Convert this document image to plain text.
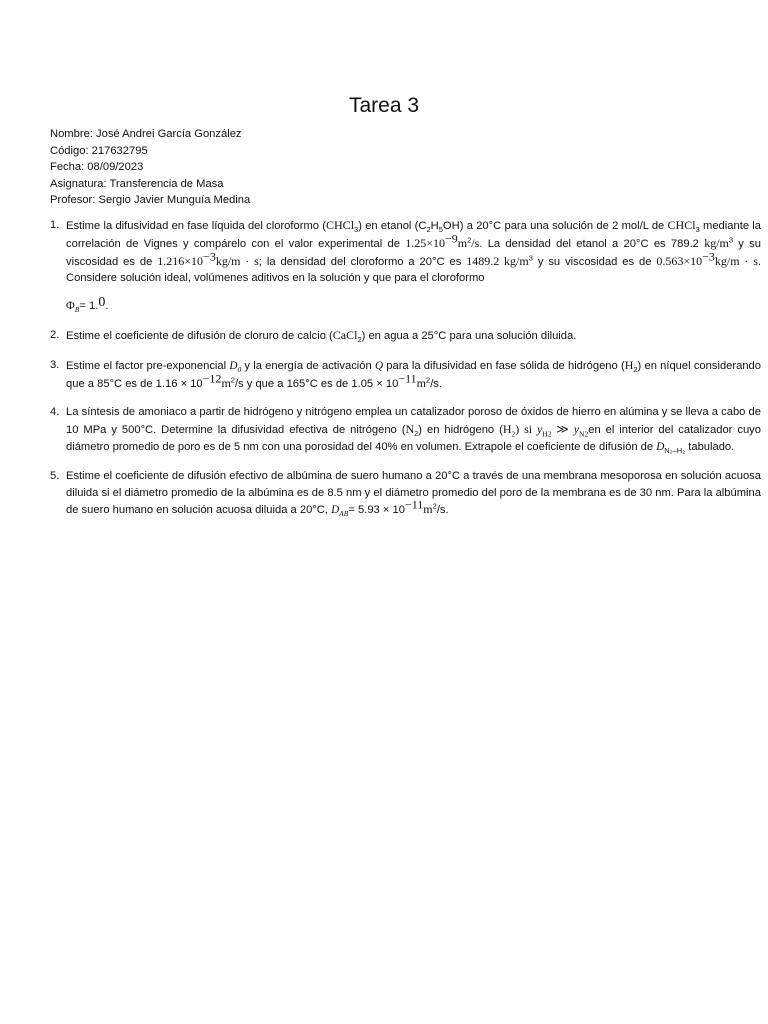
Tarea 3
Nombre: José Andrei García González
Código: 217632795
Fecha: 08/09/2023
Asignatura: Transferencia de Masa
Profesor: Sergio Javier Munguía Medina
1. Estime la difusividad en fase líquida del cloroformo (CHCl$_3$) en etanol $(C_2H_5OH)$ a 20°C para una solución de 2 mol/L de CHCl$_3$ mediante la correlación de Vignes y compárelo con el valor experimental de $1.25\times 10^{-9}m^2/s$. La densidad del etanol a 20°C es 789.2 $kg/m^3$ y su viscosidad es de $1.216\times 10^{-3}kg/m \cdot s$; la densidad del cloroformo a 20°C es 1489.2 $kg/m^3$ y su viscosidad es de $0.563\times 10^{-3}kg/m \cdot s$. Considere solución ideal, volúmenes aditivos en la solución y que para el cloroformo
$\Phi_B= 1.0$.
2. Estime el coeficiente de difusión de cloruro de calcio (CaCl$_2$) en agua a 25°C para una solución diluida.
3. Estime el factor pre-exponencial $D_0$ y la energía de activación Q para la difusividad en fase sólida de hidrógeno $(H_2)$ en níquel considerando que a 85°C es de $1.16 \times 10^{-12}m^2/s$ y que a 165°C es de $1.05 \times 10^{-11}m^2/s$.
4. La síntesis de amoniaco a partir de hidrógeno y nitrógeno emplea un catalizador poroso de óxidos de hierro en alúmina y se lleva a cabo de 10 MPa y 500°C. Determine la difusividad efectiva de nitrógeno $(N_2)$ en hidrógeno $(H_2)$ si $y_{H2}$ ≫ $y_{N2}en$ el interior del catalizador cuyo diámetro promedio de poro es de 5 nm con una porosidad del 40% en volumen. Extrapole el coeficiente de difusión de $D_{N_2-H_2}$ tabulado.
5. Estime el coeficiente de difusión efectivo de albúmina de suero humano a 20°C a través de una membrana mesoporosa en solución acuosa diluida si el diámetro promedio de la albúmina es de 8.5 nm y el diámetro promedio del poro de la membrana es de 30 nm. Para la albúmina de suero humano en solución acuosa diluida a 20°C, $D_{AB}= 5.93 \times 10^{-11}m^2/s$.
